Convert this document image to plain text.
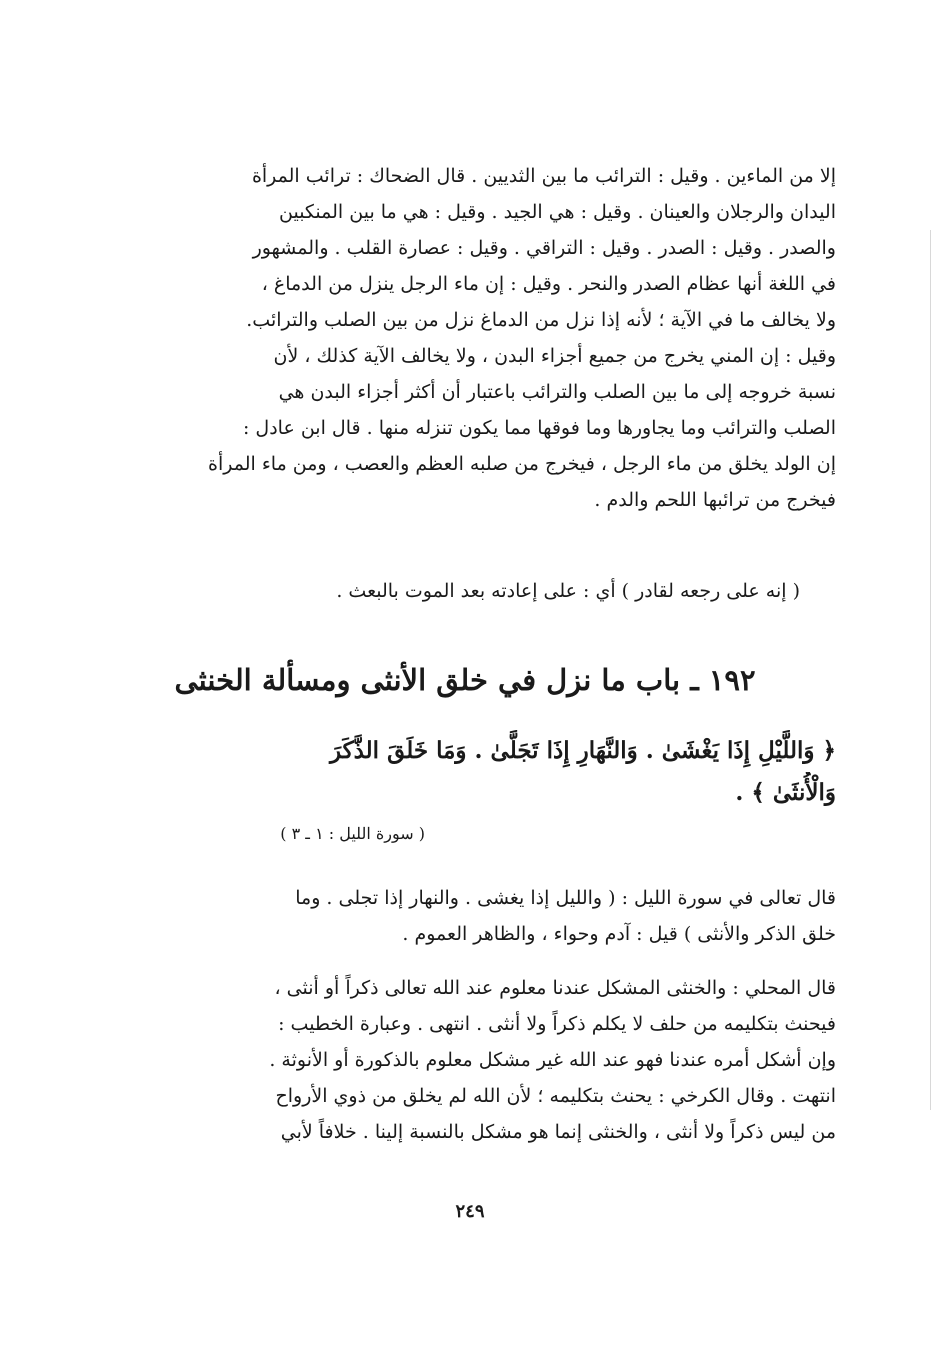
إلا من الماءين . وقيل : الترائب ما بين الثديين . قال الضحاك : ترائب المرأة
اليدان والرجلان والعينان . وقيل : هي الجيد . وقيل : هي ما بين المنكبين
والصدر . وقيل : الصدر . وقيل : التراقي . وقيل : عصارة القلب . والمشهور
في اللغة أنها عظام الصدر والنحر . وقيل : إن ماء الرجل ينزل من الدماغ ،
ولا يخالف ما في الآية ؛ لأنه إذا نزل من الدماغ نزل من بين الصلب والترائب.
وقيل : إن المني يخرج من جميع أجزاء البدن ، ولا يخالف الآية كذلك ، لأن
نسبة خروجه إلى ما بين الصلب والترائب باعتبار أن أكثر أجزاء البدن هي
الصلب والترائب وما يجاورها وما فوقها مما يكون تنزله منها . قال ابن عادل :
إن الولد يخلق من ماء الرجل ، فيخرج من صلبه العظم والعصب ، ومن ماء المرأة
فيخرج من ترائبها اللحم والدم .
( إنه على رجعه لقادر ) أي : على إعادته بعد الموت بالبعث .
١٩٢ ـ باب ما نزل في خلق الأنثى ومسألة الخنثى
﴿ وَاللَّيْلِ إِذَا يَغْشَىٰ . وَالنَّهَارِ إِذَا تَجَلَّىٰ . وَمَا خَلَقَ الذَّكَرَ
وَالْأُنثَىٰ ﴾ .
( سورة الليل : ١ ـ ٣ )
قال تعالى في سورة الليل : ( والليل إذا يغشى . والنهار إذا تجلى . وما
خلق الذكر والأنثى ) قيل : آدم وحواء ، والظاهر العموم .
قال المحلي : والخنثى المشكل عندنا معلوم عند الله تعالى ذكراً أو أنثى ،
فيحنث بتكليمه من حلف لا يكلم ذكراً ولا أنثى . انتهى . وعبارة الخطيب :
وإن أشكل أمره عندنا فهو عند الله غير مشكل معلوم بالذكورة أو الأنوثة .
انتهت . وقال الكرخي : يحنث بتكليمه ؛ لأن الله لم يخلق من ذوي الأرواح
من ليس ذكراً ولا أنثى ، والخنثى إنما هو مشكل بالنسبة إلينا . خلافاً لأبي
٢٤٩
